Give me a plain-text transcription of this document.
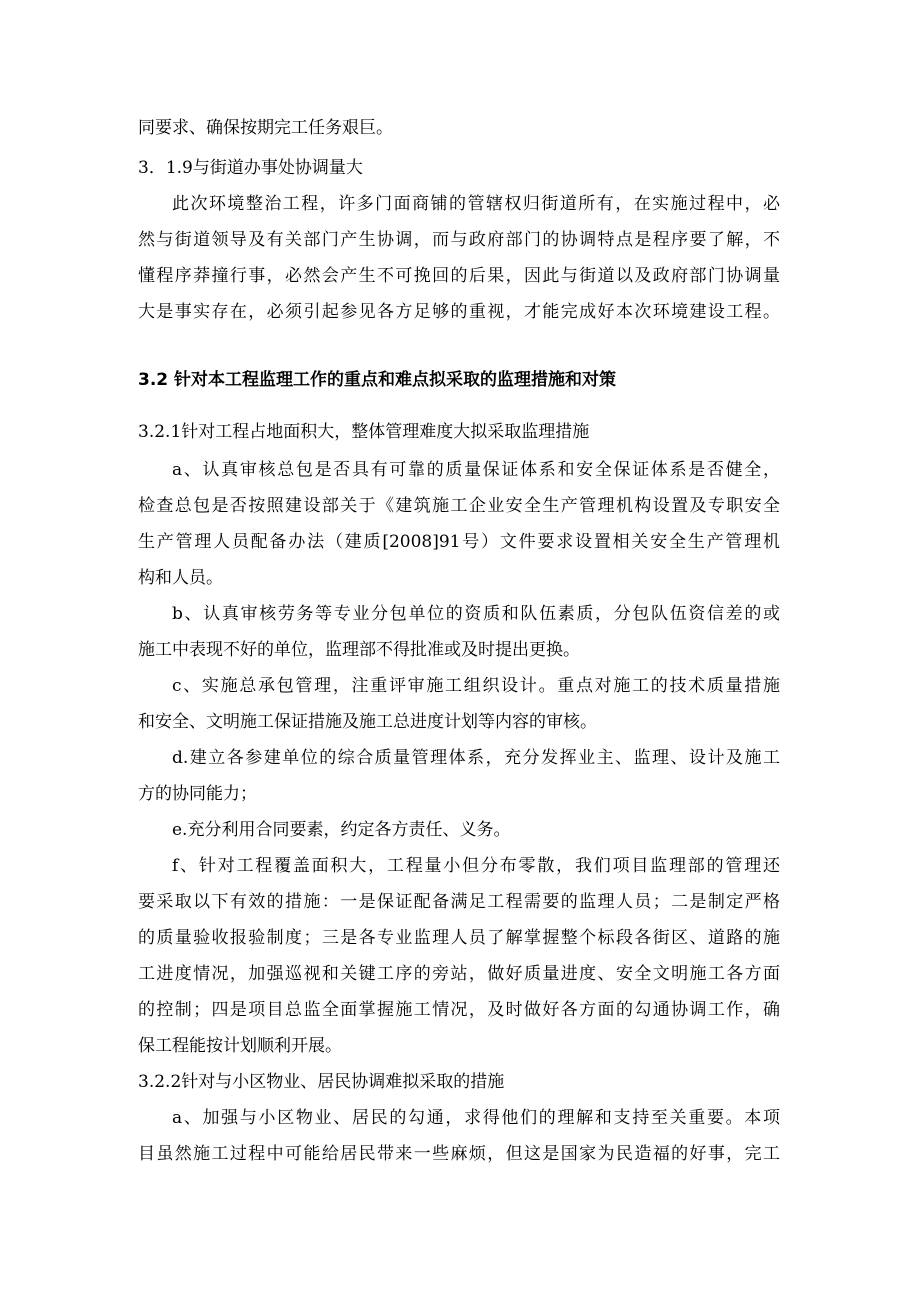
同要求、确保按期完工任务艰巨。
3．1.9与街道办事处协调量大
此次环境整治工程，许多门面商铺的管辖权归街道所有，在实施过程中，必
然与街道领导及有关部门产生协调，而与政府部门的协调特点是程序要了解，不
懂程序莽撞行事，必然会产生不可挽回的后果，因此与街道以及政府部门协调量
大是事实存在，必须引起参见各方足够的重视，才能完成好本次环境建设工程。
3.2 针对本工程监理工作的重点和难点拟采取的监理措施和对策
3.2.1针对工程占地面积大，整体管理难度大拟采取监理措施
a、认真审核总包是否具有可靠的质量保证体系和安全保证体系是否健全，
检查总包是否按照建设部关于《建筑施工企业安全生产管理机构设置及专职安全
生产管理人员配备办法（建质[2008]91号）文件要求设置相关安全生产管理机
构和人员。
b、认真审核劳务等专业分包单位的资质和队伍素质，分包队伍资信差的或
施工中表现不好的单位，监理部不得批准或及时提出更换。
c、实施总承包管理，注重评审施工组织设计。重点对施工的技术质量措施
和安全、文明施工保证措施及施工总进度计划等内容的审核。
d.建立各参建单位的综合质量管理体系，充分发挥业主、监理、设计及施工
方的协同能力；
e.充分利用合同要素，约定各方责任、义务。
f、针对工程覆盖面积大，工程量小但分布零散，我们项目监理部的管理还
要采取以下有效的措施：一是保证配备满足工程需要的监理人员；二是制定严格
的质量验收报验制度；三是各专业监理人员了解掌握整个标段各街区、道路的施
工进度情况，加强巡视和关键工序的旁站，做好质量进度、安全文明施工各方面
的控制；四是项目总监全面掌握施工情况，及时做好各方面的勾通协调工作，确
保工程能按计划顺利开展。
3.2.2针对与小区物业、居民协调难拟采取的措施
a、加强与小区物业、居民的勾通，求得他们的理解和支持至关重要。本项
目虽然施工过程中可能给居民带来一些麻烦，但这是国家为民造福的好事，完工
